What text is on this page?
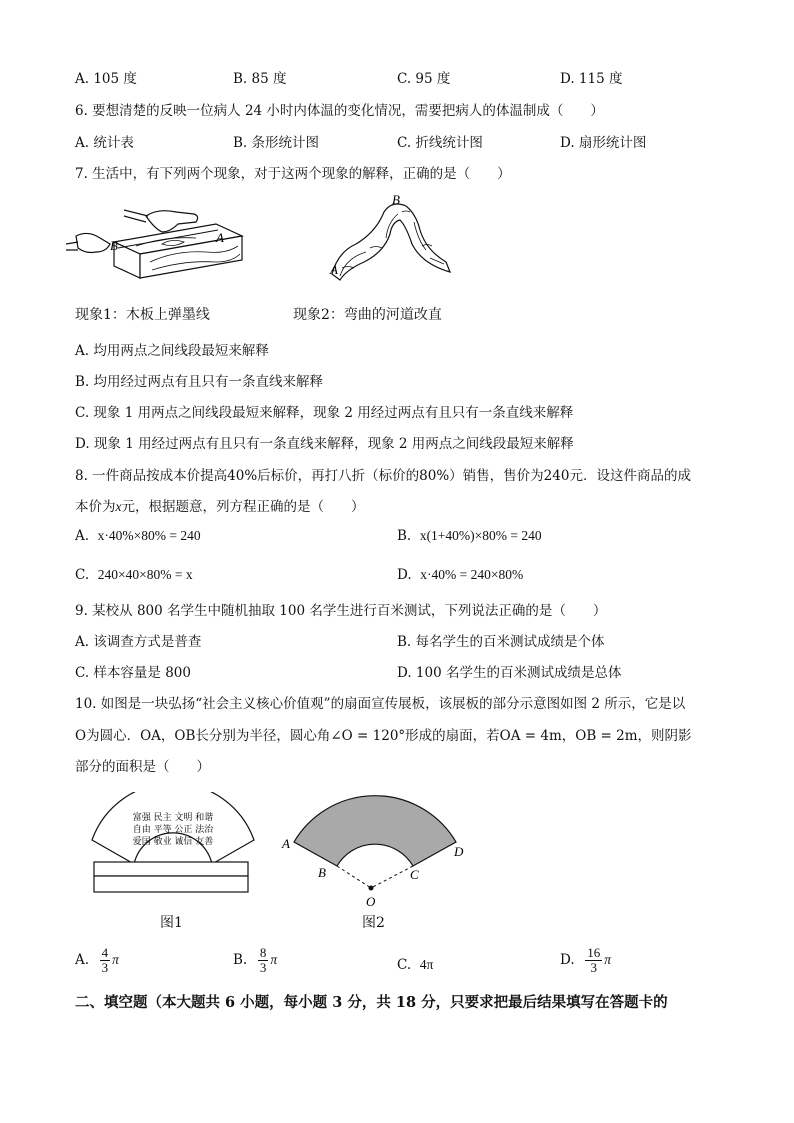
A. 105 度	B. 85 度	C. 95 度	D. 115 度
6. 要想清楚的反映一位病人 24 小时内体温的变化情况，需要把病人的体温制成（　　）
A. 统计表	B. 条形统计图	C. 折线统计图	D. 扇形统计图
7. 生活中，有下列两个现象，对于这两个现象的解释，正确的是（　　）
B
A
B
A
现象1：木板上弹墨线	现象2：弯曲的河道改直
A. 均用两点之间线段最短来解释
B. 均用经过两点有且只有一条直线来解释
C. 现象 1 用两点之间线段最短来解释，现象 2 用经过两点有且只有一条直线来解释
D. 现象 1 用经过两点有且只有一条直线来解释，现象 2 用两点之间线段最短来解释
8. 一件商品按成本价提高40%后标价，再打八折（标价的80%）销售，售价为240元．设这件商品的成
本价为x元，根据题意，列方程正确的是（　　）
A. x·40%×80% = 240	B. x(1+40%)×80% = 240
C. 240×40×80% = x	D. x·40% = 240×80%
9. 某校从 800 名学生中随机抽取 100 名学生进行百米测试，下列说法正确的是（　　）
A. 该调查方式是普查	B. 每名学生的百米测试成绩是个体
C. 样本容量是 800	D. 100 名学生的百米测试成绩是总体
10. 如图是一块弘扬“社会主义核心价值观”的扇面宣传展板，该展板的部分示意图如图 2 所示，它是以
O为圆心．OA，OB长分别为半径，圆心角∠O = 120°形成的扇面，若OA = 4m，OB = 2m，则阴影
部分的面积是（　　）
富强 民主 文明 和谐
自由 平等 公正 法治
爱国 敬业 诚信 友善	A
B	C
D
O
图1	图2
A. $\frac{4}{3}$ π	B. $\frac{8}{3}$ π	C. 4π	D. $\frac{16}{3}$ π
二、填空题（本大题共 6 小题，每小题 3 分，共 18 分，只要求把最后结果填写在答题卡的
